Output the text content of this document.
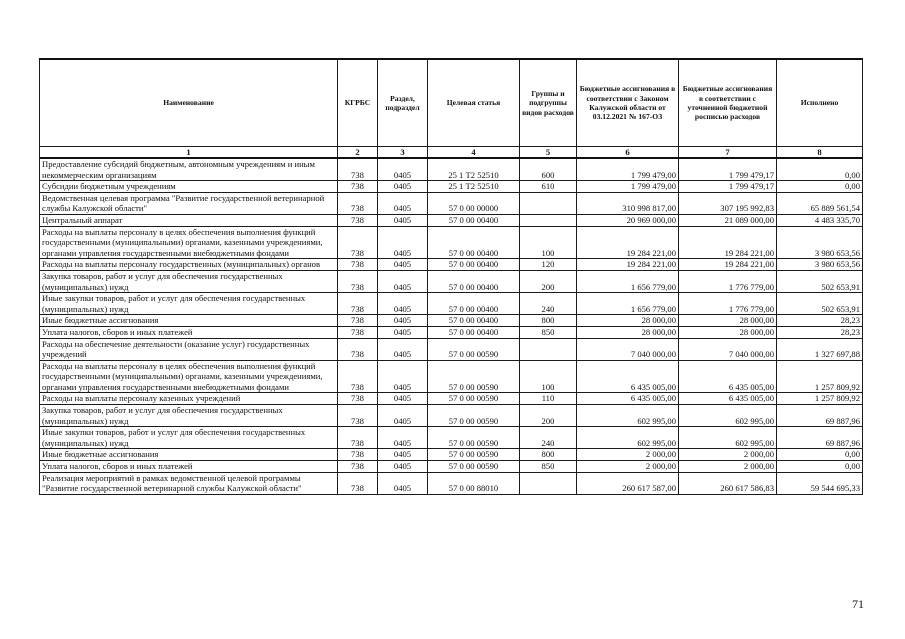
Наименование	КГРБС	Раздел, подраздел	Целевая статья	Группы и подгруппы видов расходов	Бюджетные ассигнования в соответствии с Законом Калужской области от 03.12.2021 № 167-ОЗ	Бюджетные ассигнования в соответствии с уточненной бюджетной росписью расходов	Исполнено
1	2	3	4	5	6	7	8
Предоставление субсидий бюджетным, автономным учреждениям и иным некоммерческим организациям	738	0405	25 1 Т2 52510	600	1 799 479,00	1 799 479,17	0,00
Субсидии бюджетным учреждениям	738	0405	25 1 Т2 52510	610	1 799 479,00	1 799 479,17	0,00
Ведомственная целевая программа "Развитие государственной ветеринарной службы Калужской области"	738	0405	57 0 00 00000		310 998 817,00	307 195 992,83	65 889 561,54
Центральный аппарат	738	0405	57 0 00 00400		20 969 000,00	21 089 000,00	4 483 335,70
Расходы на выплаты персоналу в целях обеспечения выполнения функций государственными (муниципальными) органами, казенными учреждениями, органами управления государственными внебюджетными фондами	738	0405	57 0 00 00400	100	19 284 221,00	19 284 221,00	3 980 653,56
Расходы на выплаты персоналу государственных (муниципальных) органов	738	0405	57 0 00 00400	120	19 284 221,00	19 284 221,00	3 980 653,56
Закупка товаров, работ и услуг для обеспечения государственных (муниципальных) нужд	738	0405	57 0 00 00400	200	1 656 779,00	1 776 779,00	502 653,91
Иные закупки товаров, работ и услуг для обеспечения государственных (муниципальных) нужд	738	0405	57 0 00 00400	240	1 656 779,00	1 776 779,00	502 653,91
Иные бюджетные ассигнования	738	0405	57 0 00 00400	800	28 000,00	28 000,00	28,23
Уплата налогов, сборов и иных платежей	738	0405	57 0 00 00400	850	28 000,00	28 000,00	28,23
Расходы на обеспечение деятельности (оказание услуг) государственных учреждений	738	0405	57 0 00 00590		7 040 000,00	7 040 000,00	1 327 697,88
Расходы на выплаты персоналу в целях обеспечения выполнения функций государственными (муниципальными) органами, казенными учреждениями, органами управления государственными внебюджетными фондами	738	0405	57 0 00 00590	100	6 435 005,00	6 435 005,00	1 257 809,92
Расходы на выплаты персоналу казенных учреждений	738	0405	57 0 00 00590	110	6 435 005,00	6 435 005,00	1 257 809,92
Закупка товаров, работ и услуг для обеспечения государственных (муниципальных) нужд	738	0405	57 0 00 00590	200	602 995,00	602 995,00	69 887,96
Иные закупки товаров, работ и услуг для обеспечения государственных (муниципальных) нужд	738	0405	57 0 00 00590	240	602 995,00	602 995,00	69 887,96
Иные бюджетные ассигнования	738	0405	57 0 00 00590	800	2 000,00	2 000,00	0,00
Уплата налогов, сборов и иных платежей	738	0405	57 0 00 00590	850	2 000,00	2 000,00	0,00
Реализация мероприятий в рамках ведомственной целевой программы "Развитие государственной ветеринарной службы Калужской области"	738	0405	57 0 00 88010		260 617 587,00	260 617 586,83	59 544 695,33
71
